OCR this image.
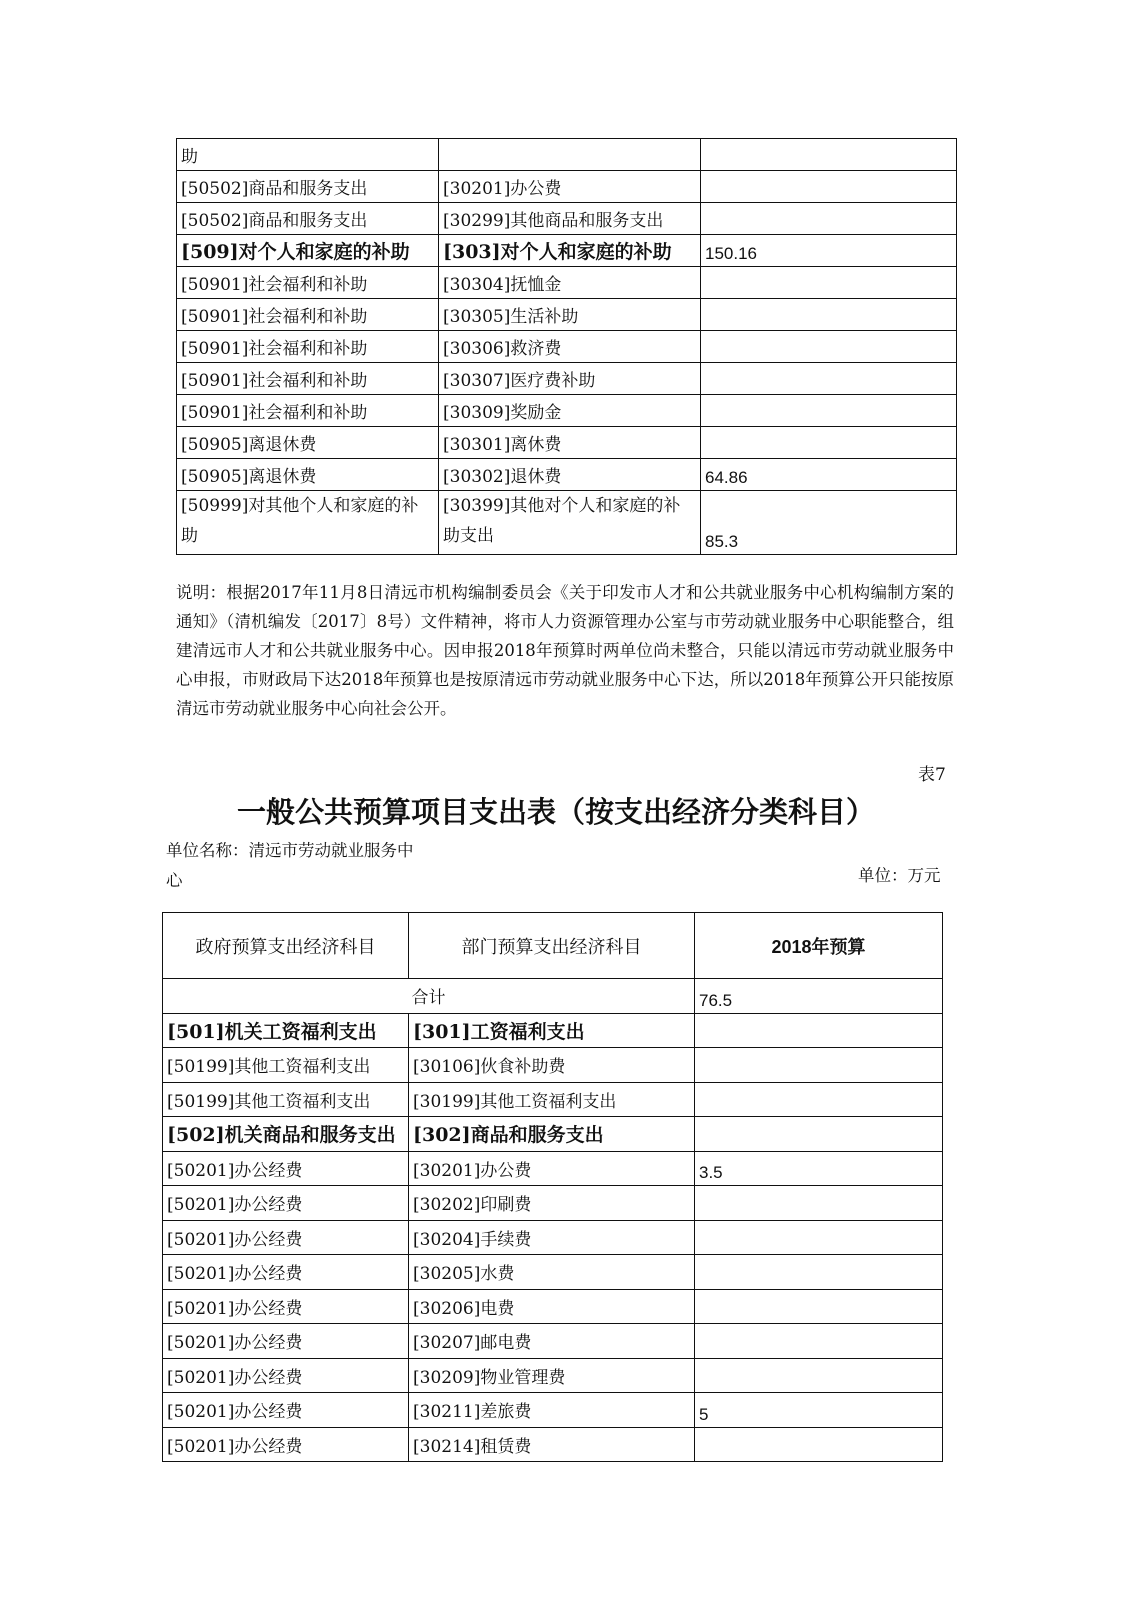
助		
[50502]商品和服务支出	[30201]办公费	
[50502]商品和服务支出	[30299]其他商品和服务支出	
[509]对个人和家庭的补助	[303]对个人和家庭的补助	150.16
[50901]社会福利和补助	[30304]抚恤金	
[50901]社会福利和补助	[30305]生活补助	
[50901]社会福利和补助	[30306]救济费	
[50901]社会福利和补助	[30307]医疗费补助	
[50901]社会福利和补助	[30309]奖励金	
[50905]离退休费	[30301]离休费	
[50905]离退休费	[30302]退休费	64.86
[50999]对其他个人和家庭的补助	[30399]其他对个人和家庭的补助支出	85.3
说明：根据2017年11月8日清远市机构编制委员会《关于印发市人才和公共就业服务中心机构编制方案的通知》（清机编发〔2017〕8号）文件精神，将市人力资源管理办公室与市劳动就业服务中心职能整合，组建清远市人才和公共就业服务中心。因申报2018年预算时两单位尚未整合，只能以清远市劳动就业服务中心申报，市财政局下达2018年预算也是按原清远市劳动就业服务中心下达，所以2018年预算公开只能按原清远市劳动就业服务中心向社会公开。
表7
一般公共预算项目支出表（按支出经济分类科目）
单位名称：清远市劳动就业服务中心	单位：万元
政府预算支出经济科目	部门预算支出经济科目	2018年预算
合计		76.5
[501]机关工资福利支出	[301]工资福利支出	
[50199]其他工资福利支出	[30106]伙食补助费	
[50199]其他工资福利支出	[30199]其他工资福利支出	
[502]机关商品和服务支出	[302]商品和服务支出	
[50201]办公经费	[30201]办公费	3.5
[50201]办公经费	[30202]印刷费	
[50201]办公经费	[30204]手续费	
[50201]办公经费	[30205]水费	
[50201]办公经费	[30206]电费	
[50201]办公经费	[30207]邮电费	
[50201]办公经费	[30209]物业管理费	
[50201]办公经费	[30211]差旅费	5
[50201]办公经费	[30214]租赁费	
